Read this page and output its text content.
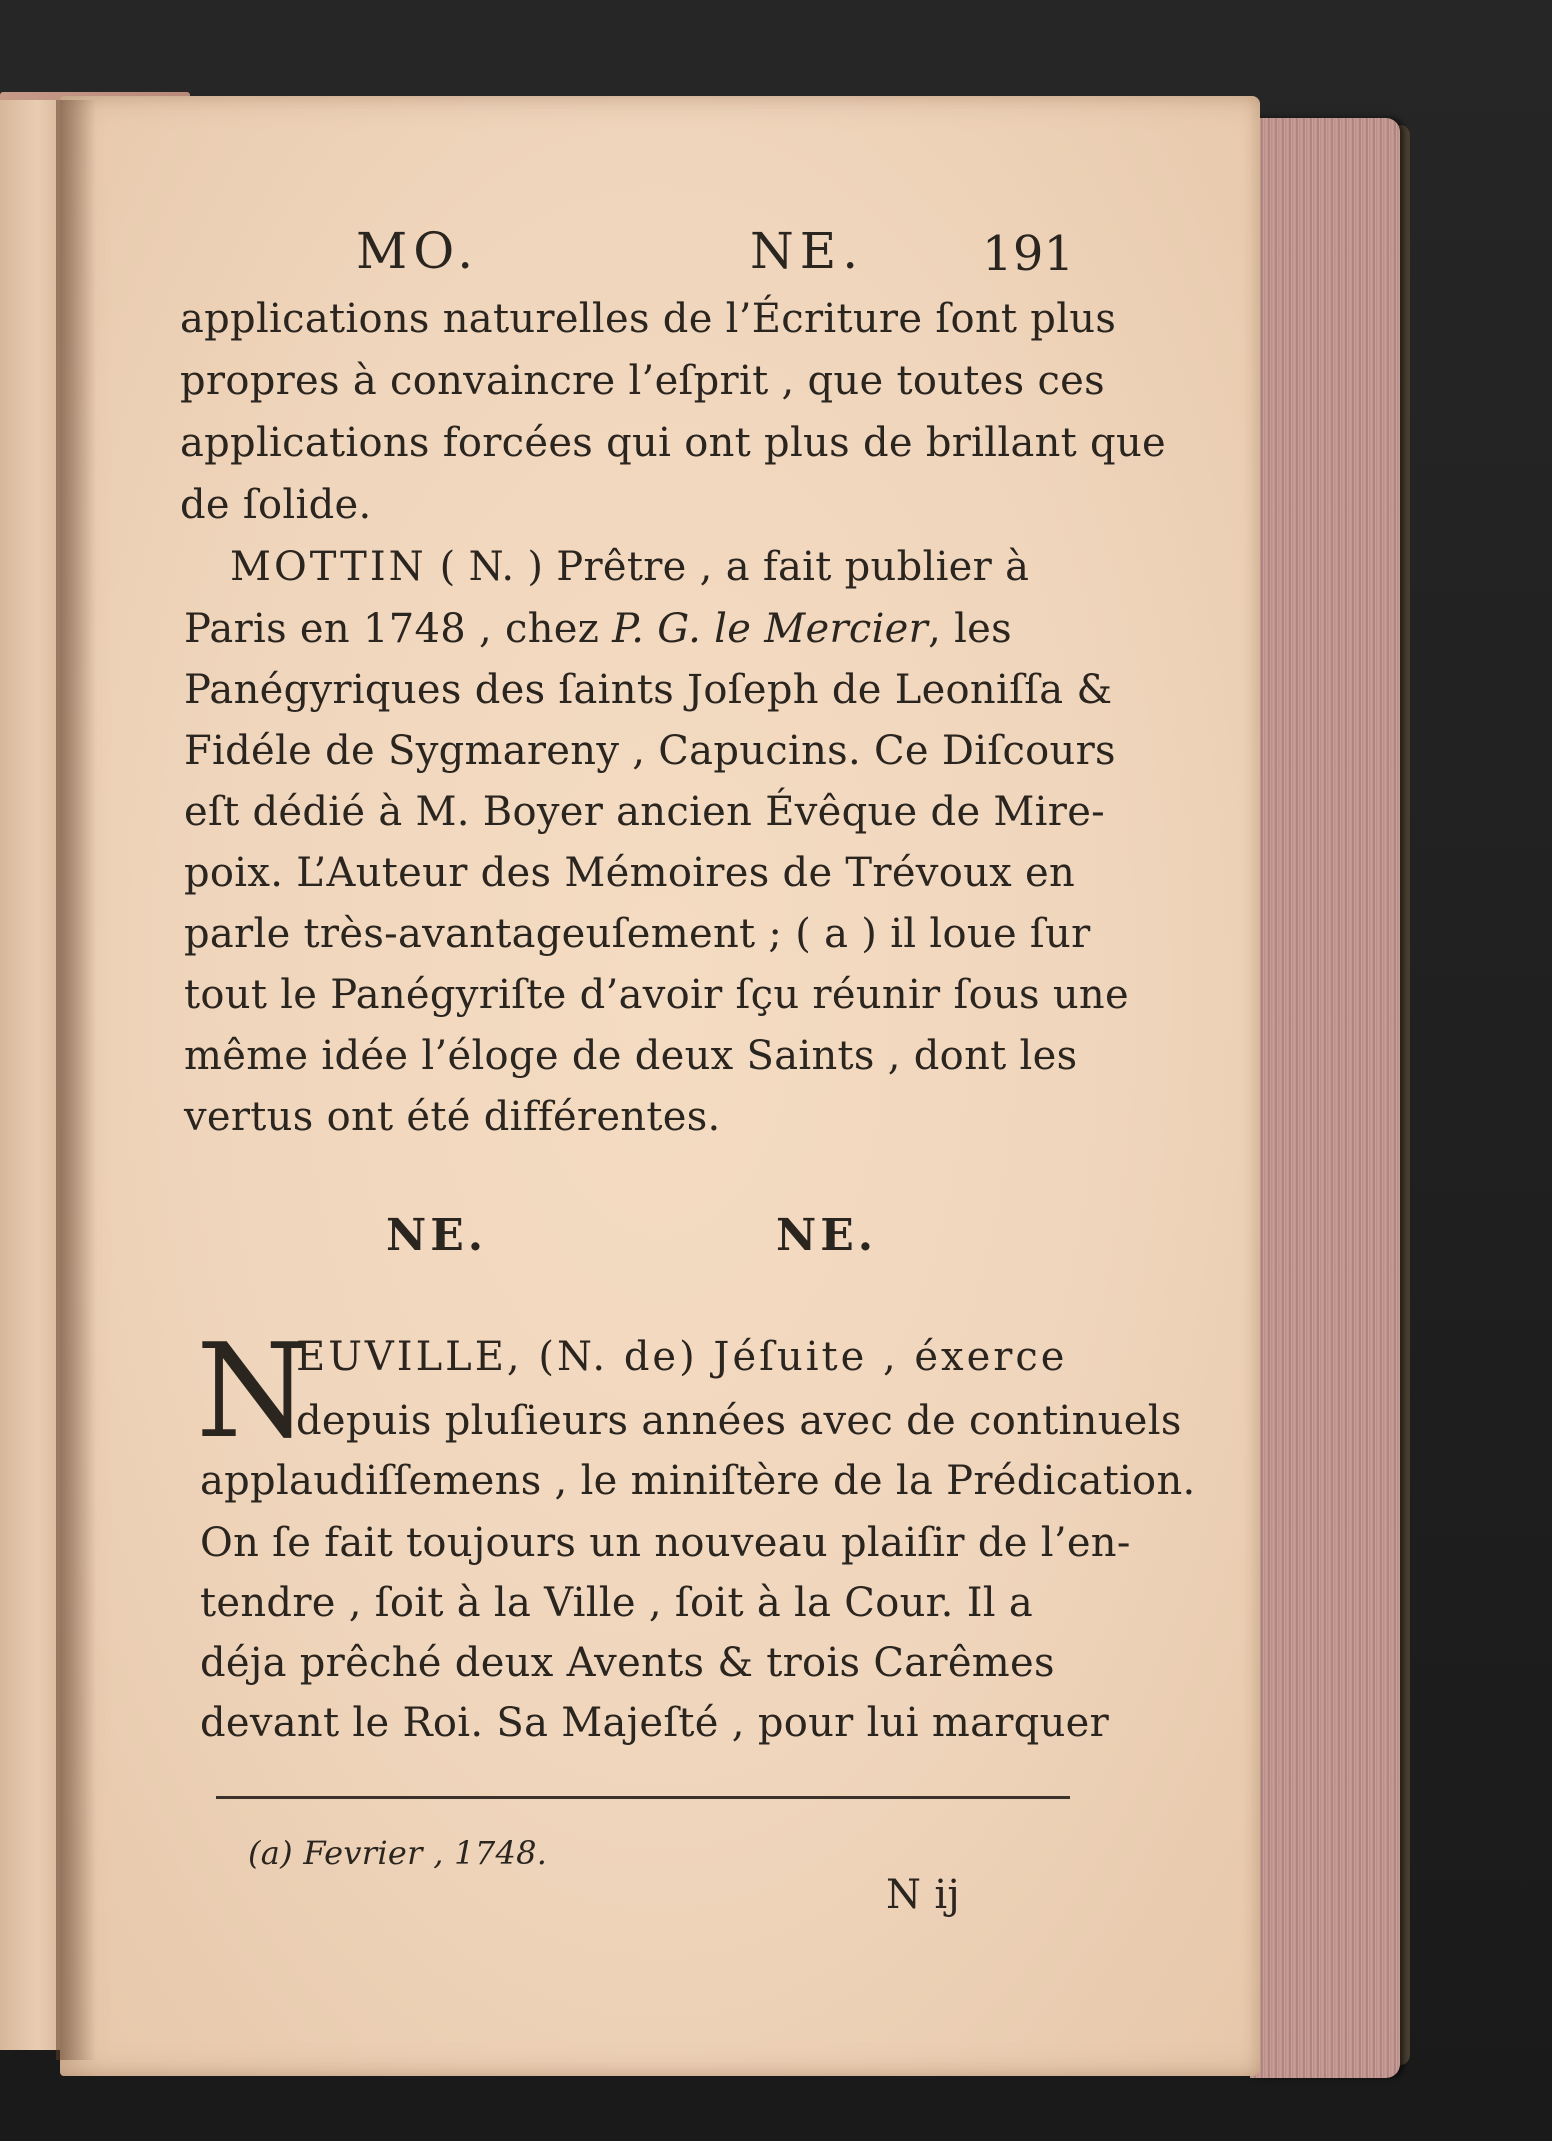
MO.	NE. 191
applications naturelles de l’Écriture ſont plus
propres à convaincre l’eſprit , que toutes ces
applications forcées qui ont plus de brillant que
de ſolide.
MOTTIN ( N. ) Prêtre , a fait publier à
Paris en 1748 , chez P. G. le Mercier, les
Panégyriques des ſaints Joſeph de Leoniſſa &
Fidéle de Sygmareny , Capucins. Ce Diſcours
eſt dédié à M. Boyer ancien Évêque de Mire-
poix. L’Auteur des Mémoires de Trévoux en
parle très-avantageuſement ; ( a ) il loue ſur
tout le Panégyriſte d’avoir ſçu réunir ſous une
même idée l’éloge de deux Saints , dont les
vertus ont été différentes.
NE.	NE.
N
EUVILLE, (N. de) Jéſuite , éxerce
depuis pluſieurs années avec de continuels
applaudiſſemens , le miniſtère de la Prédication.
On ſe fait toujours un nouveau plaiſir de l’en-
tendre , ſoit à la Ville , ſoit à la Cour. Il a
déja prêché deux Avents & trois Carêmes
devant le Roi. Sa Majeſté , pour lui marquer
(a) Fevrier , 1748.
N ij
